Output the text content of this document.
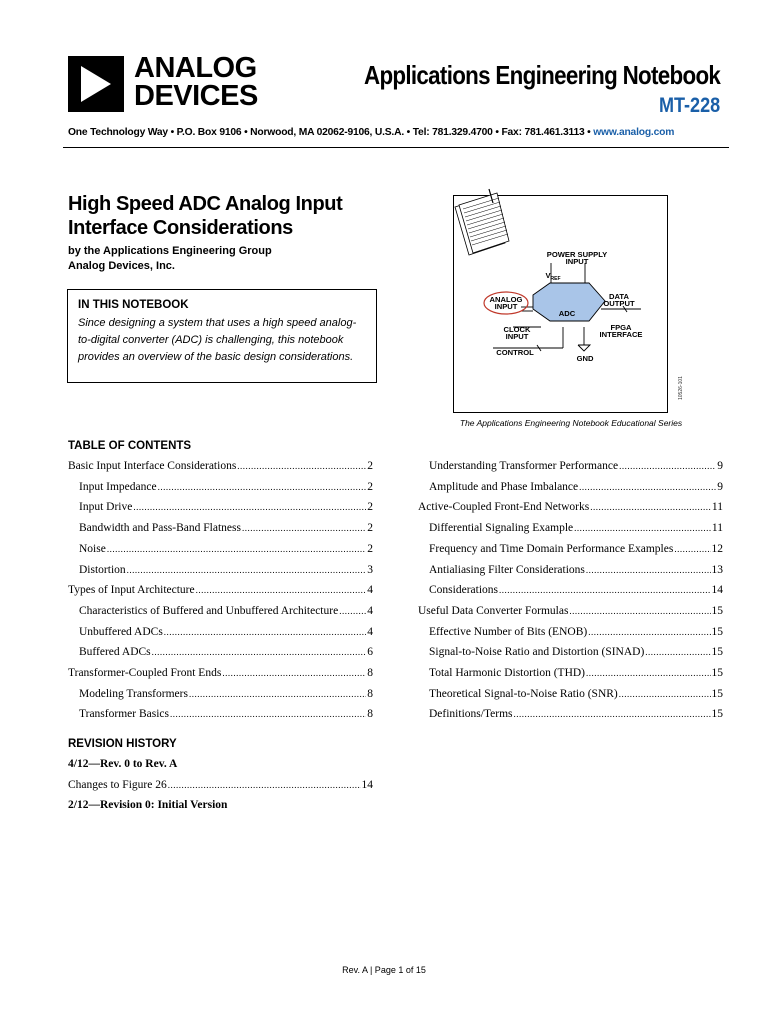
ANALOG
DEVICES
Applications Engineering Notebook
MT-228
One Technology Way • P.O. Box 9106 • Norwood, MA 02062-9106, U.S.A. • Tel: 781.329.4700 • Fax: 781.461.3113 • www.analog.com
High Speed ADC Analog Input
Interface Considerations
by the Applications Engineering Group
Analog Devices, Inc.
IN THIS NOTEBOOK

Since designing a system that uses a high speed analog-to-digital converter (ADC) is challenging, this notebook provides an overview of the basic design considerations.

POWER SUPPLY
INPUT
$V_{REF}$
ANALOG
INPUT
ADC
DATA
OUTPUT
FPGA
INTERFACE
CLOCK
INPUT
CONTROL
GND
10526-101
The Applications Engineering Notebook Educational Series
TABLE OF CONTENTS
Basic Input Interface Considerations .....	2
Input Impedance .....	2
Input Drive .....	2
Bandwidth and Pass-Band Flatness .....	2
Noise .....	2
Distortion .....	3
Types of Input Architecture .....	4
Characteristics of Buffered and Unbuffered Architecture .....	4
Unbuffered ADCs .....	4
Buffered ADCs .....	6
Transformer-Coupled Front Ends .....	8
Modeling Transformers .....	8
Transformer Basics .....	8
Understanding Transformer Performance .....	9
Amplitude and Phase Imbalance .....	9
Active-Coupled Front-End Networks .....	11
Differential Signaling Example .....	11
Frequency and Time Domain Performance Examples .....	12
Antialiasing Filter Considerations .....	13
Considerations .....	14
Useful Data Converter Formulas .....	15
Effective Number of Bits (ENOB) .....	15
Signal-to-Noise Ratio and Distortion (SINAD) .....	15
Total Harmonic Distortion (THD) .....	15
Theoretical Signal-to-Noise Ratio (SNR) .....	15
Definitions/Terms .....	15
REVISION HISTORY
4/12—Rev. 0 to Rev. A
Changes to Figure 26 .....	14
2/12—Revision 0: Initial Version
Rev. A | Page 1 of 15
